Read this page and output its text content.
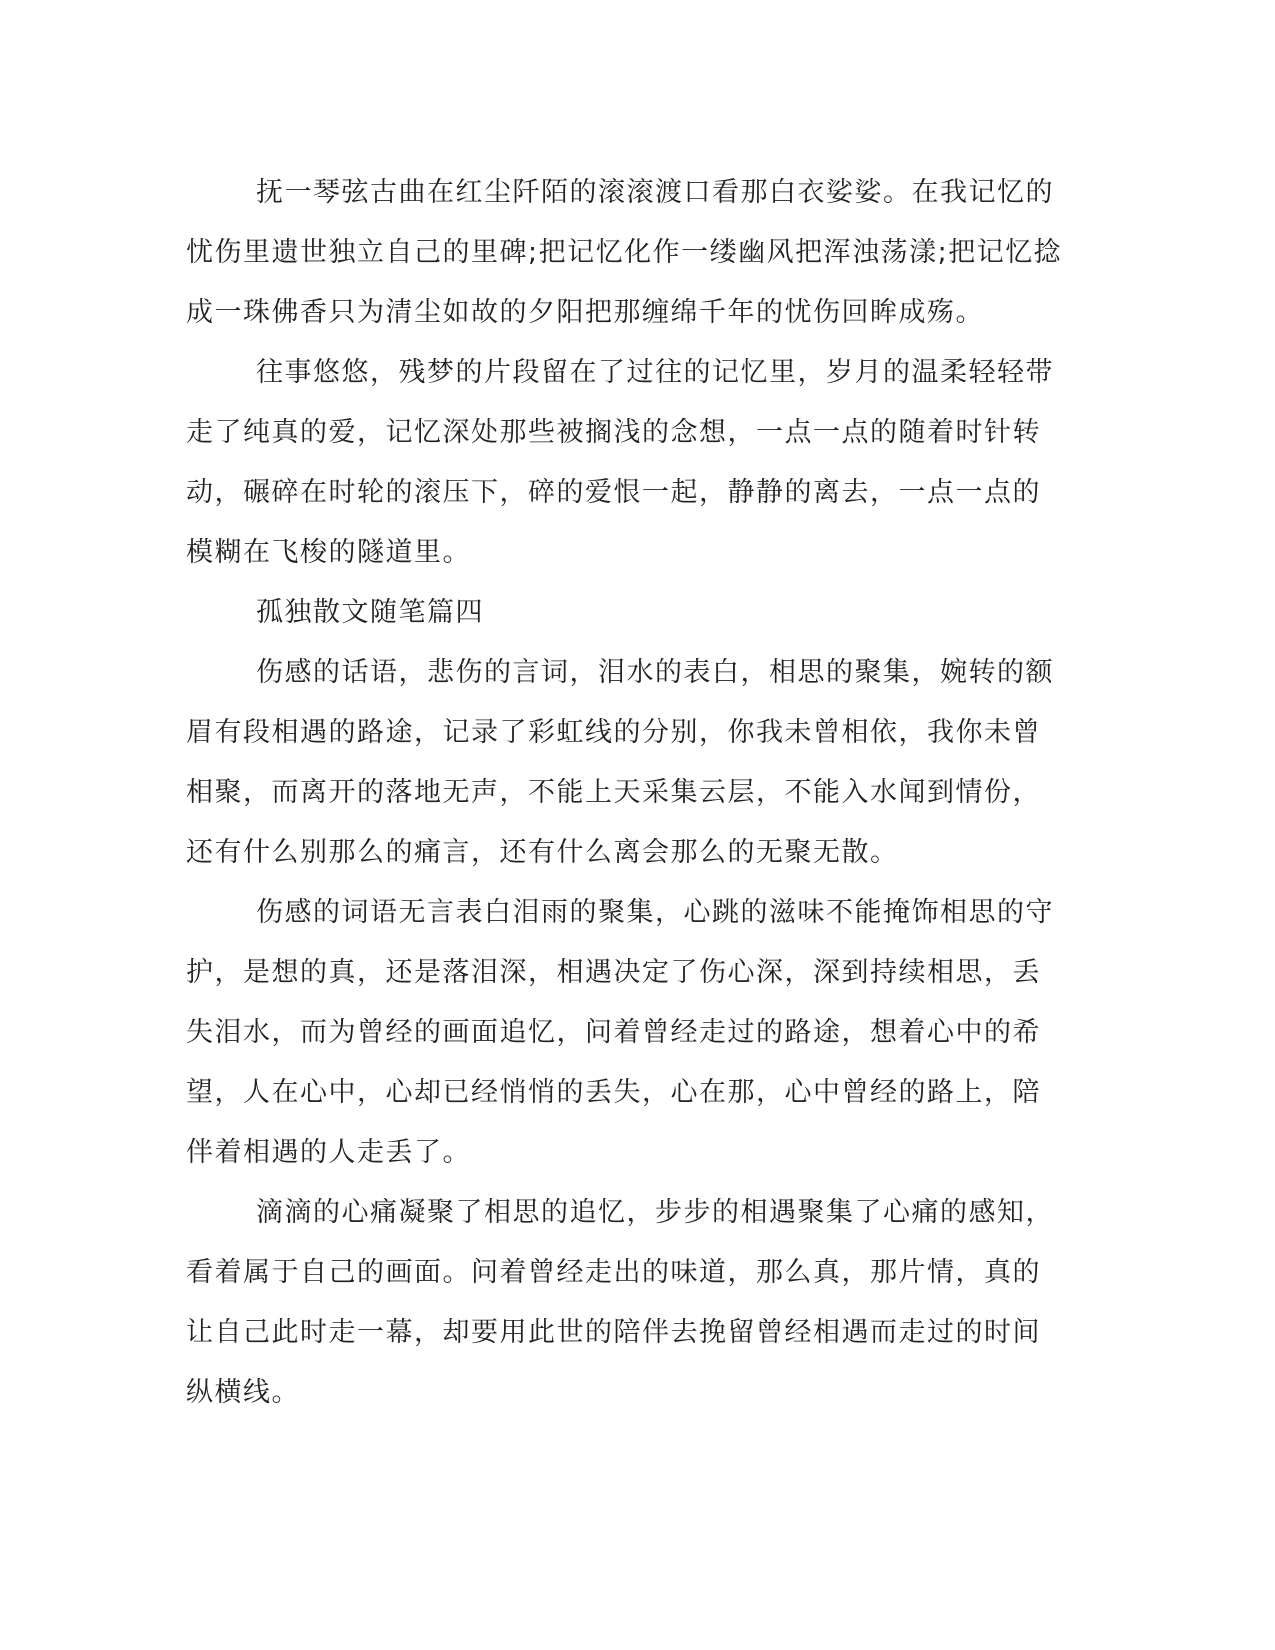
抚一琴弦古曲在红尘阡陌的滚滚渡口看那白衣娑娑。在我记忆的
忧伤里遗世独立自己的里碑;把记忆化作一缕幽风把浑浊荡漾;把记忆捻
成一珠佛香只为清尘如故的夕阳把那缠绵千年的忧伤回眸成殇。
往事悠悠，残梦的片段留在了过往的记忆里，岁月的温柔轻轻带
走了纯真的爱，记忆深处那些被搁浅的念想，一点一点的随着时针转
动，碾碎在时轮的滚压下，碎的爱恨一起，静静的离去，一点一点的
模糊在飞梭的隧道里。
孤独散文随笔篇四
伤感的话语，悲伤的言词，泪水的表白，相思的聚集，婉转的额
眉有段相遇的路途，记录了彩虹线的分别，你我未曾相依，我你未曾
相聚，而离开的落地无声，不能上天采集云层，不能入水闻到情份，
还有什么别那么的痛言，还有什么离会那么的无聚无散。
伤感的词语无言表白泪雨的聚集，心跳的滋味不能掩饰相思的守
护，是想的真，还是落泪深，相遇决定了伤心深，深到持续相思，丢
失泪水，而为曾经的画面追忆，问着曾经走过的路途，想着心中的希
望，人在心中，心却已经悄悄的丢失，心在那，心中曾经的路上，陪
伴着相遇的人走丢了。
滴滴的心痛凝聚了相思的追忆，步步的相遇聚集了心痛的感知，
看着属于自己的画面。问着曾经走出的味道，那么真，那片情，真的
让自己此时走一幕，却要用此世的陪伴去挽留曾经相遇而走过的时间
纵横线。
